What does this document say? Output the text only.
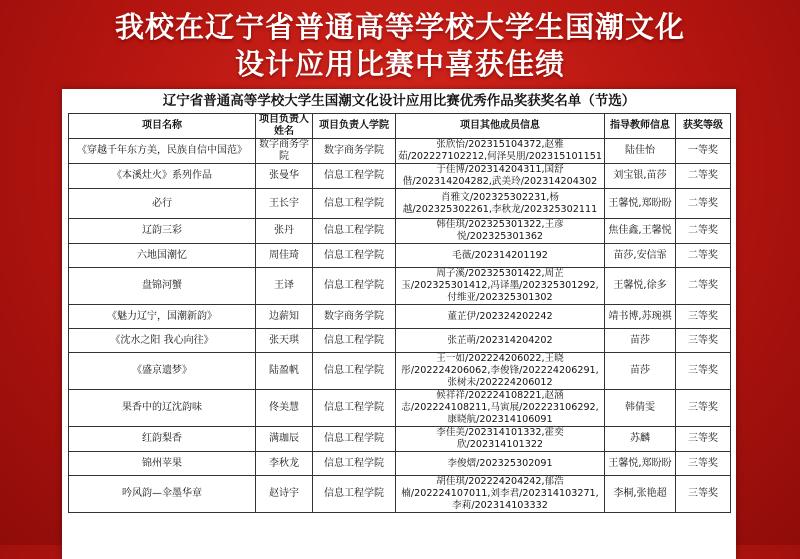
我校在辽宁省普通高等学校大学生国潮文化
设计应用比赛中喜获佳绩
辽宁省普通高等学校大学生国潮文化设计应用比赛优秀作品奖获奖名单（节选）
项目名称	项目负责人姓名	项目负责人学院	项目其他成员信息	指导教师信息	获奖等级
《穿越千年东方美，民族自信中国范》	数字商务学院	数字商务学院	张欣怡/202315104372,赵雅茹/202227102212,何泽昊朋/202315101151	陆佳怡	一等奖
《本溪灶火》系列作品	张曼华	信息工程学院	于佳博/202314204311,国舒偕/202314204282,武美玲/202314204302	刘宝银,苗莎	二等奖
必行	王长宇	信息工程学院	肖雅文/202325302231,杨越/202325302261,李秋龙/202325302111	王馨悦,郑盼盼	二等奖
辽韵三彩	张丹	信息工程学院	韩佳琪/202325301322,王彦悦/202325301362	焦佳鑫,王馨悦	二等奖
六地国潮忆	周佳琦	信息工程学院	毛薇/202314201192	苗莎,安信霏	二等奖
盘锦河蟹	王译	信息工程学院	周子溪/202325301422,周芷玉/202325301412,冯译墨/202325301292,付维亚/202325301302	王馨悦,徐多	二等奖
《魅力辽宁，国潮新韵》	边薪知	数字商务学院	董芷伊/202324202242	靖书博,苏琬祺	三等奖
《沈水之阳 我心向往》	张天琪	信息工程学院	张芷萌/202314204202	苗莎	三等奖
《盛京遗梦》	陆盈帆	信息工程学院	王一如/202224206022,王晓彤/202224206062,李俊锋/202224206291,张树未/202224206012	苗莎	三等奖
果香中的辽沈韵味	佟美慧	信息工程学院	候祥祥/202224108221,赵涵志/202224108211,马寅展/202223106292,康晓航/202314106091	韩倩雯	三等奖
红韵梨香	满珈辰	信息工程学院	李佳美/202314101332,霍奕欣/202314101322	苏麟	三等奖
锦州苹果	李秋龙	信息工程学院	李俊熠/202325302091	王馨悦,郑盼盼	三等奖
吟风韵—伞墨华章	赵诗宇	信息工程学院	胡佳琪/202224204242,郁浩楠/202224107011,刘李君/202314103271,李莉/202314103332	李桐,张艳超	三等奖
